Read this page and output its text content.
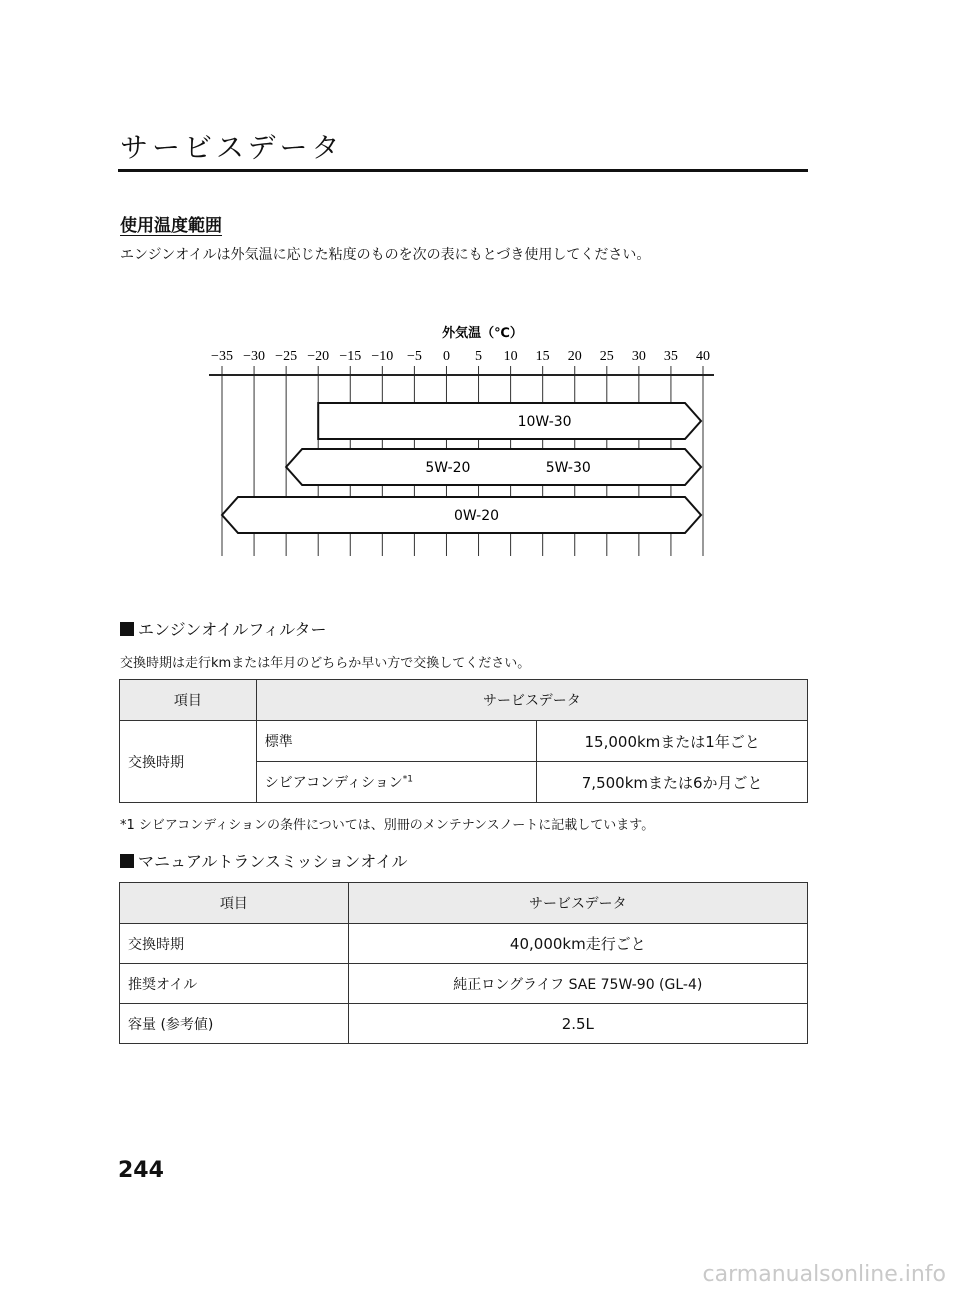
サービスデータ
使用温度範囲
エンジンオイルは外気温に応じた粘度のものを次の表にもとづき使用してください。
外気温（℃）
−35 −30 −25 −20 −15 −10 −5 0 5 10 15 20 25 30 35 40
10W-30
5W-20	5W-30
0W-20
エンジンオイルフィルター
交換時期は走行kmまたは年月のどちらか早い方で交換してください。
項目	サービスデータ	
交換時期	標準	15,000kmまたは1年ごと
	シビアコンディション$^{*1}$	7,500kmまたは6か月ごと
*1 シビアコンディションの条件については、別冊のメンテナンスノートに記載しています。
マニュアルトランスミッションオイル
項目	サービスデータ
交換時期	40,000km走行ごと
推奨オイル	純正ロングライフ SAE 75W-90 (GL-4)
容量 (参考値)	2.5L
244
carmanualsonline.info
